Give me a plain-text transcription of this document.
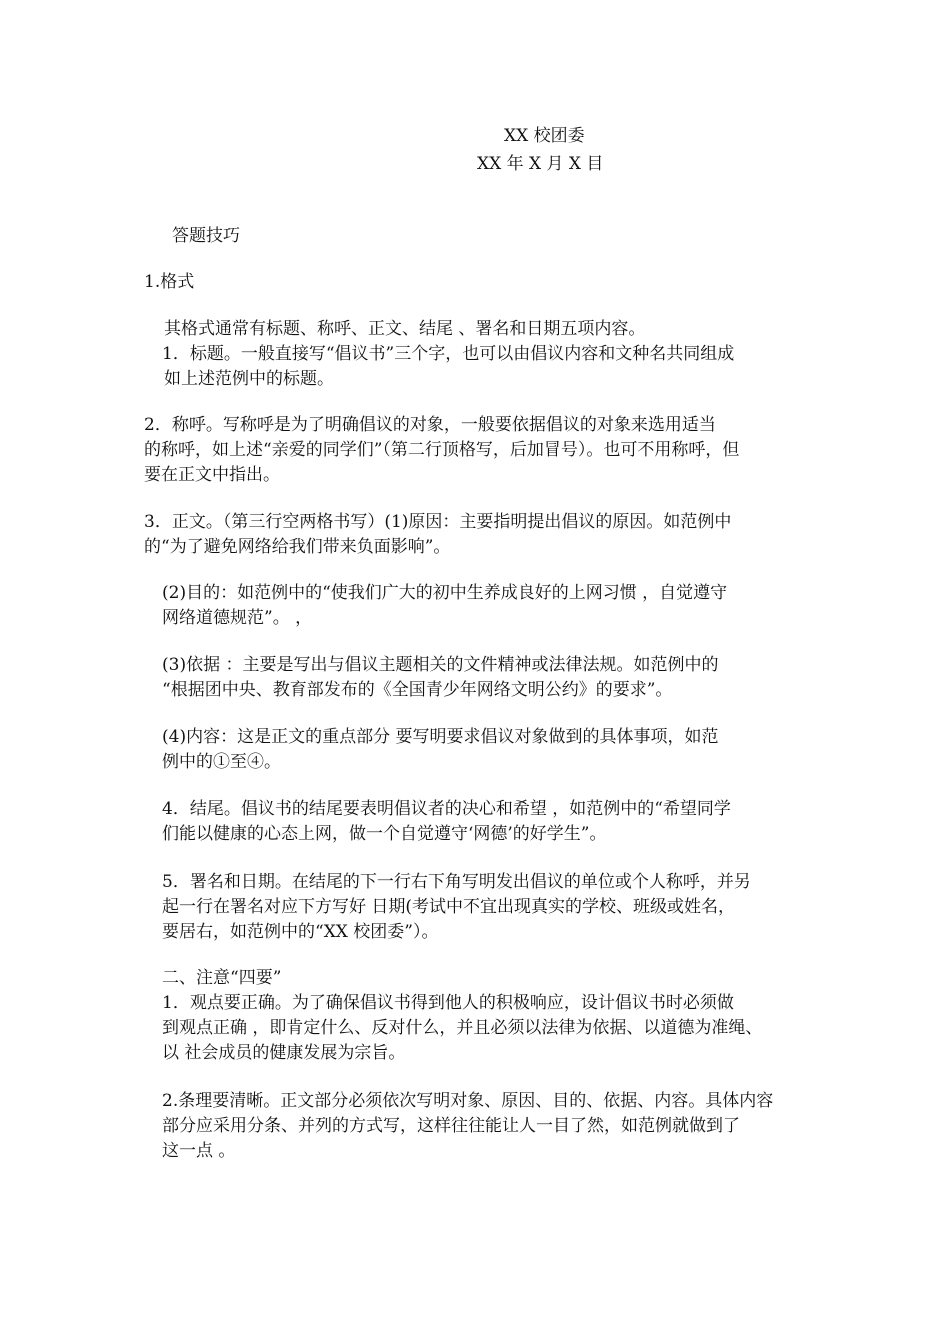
XX 校团委

XX 年 X 月 X 目

答题技巧

1.格式

其格式通常有标题、称呼、正文、结尾 、署名和日期五项内容。

1．标题。一般直接写“倡议书”三个字，也可以由倡议内容和文种名共同组成

如上述范例中的标题。

2．称呼。写称呼是为了明确倡议的对象，一般要依据倡议的对象来选用适当

的称呼，如上述“亲爱的同学们”（第二行顶格写，后加冒号）。也可不用称呼，但

要在正文中指出。

3．正文。（第三行空两格书写）(1)原因：主要指明提出倡议的原因。如范例中

的“为了避免网络给我们带来负面影响”。

(2)目的：如范例中的“使我们广大的初中生养成良好的上网习惯 ，自觉遵守

网络道德规范”。 ，

(3)依据 ：主要是写出与倡议主题相关的文件精神或法律法规。如范例中的

“根据团中央、教育部发布的《全国青少年网络文明公约》的要求”。

(4)内容：这是正文的重点部分 要写明要求倡议对象做到的具体事项，如范

例中的①至④。

4．结尾。倡议书的结尾要表明倡议者的决心和希望 ，如范例中的“希望同学

们能以健康的心态上网，做一个自觉遵守‘网德’的好学生”。

5．署名和日期。在结尾的下一行右下角写明发出倡议的单位或个人称呼，并另

起一行在署名对应下方写好 日期(考试中不宜出现真实的学校、班级或姓名，

要居右，如范例中的“XX 校团委”）。

二、注意“四要”

1．观点要正确。为了确保倡议书得到他人的积极响应，设计倡议书时必须做

到观点正确 ，即肯定什么、反对什么，并且必须以法律为依据、以道德为准绳、

以 社会成员的健康发展为宗旨。

2.条理要清晰。正文部分必须依次写明对象、原因、目的、依据、内容。具体内容

部分应采用分条、并列的方式写，这样往往能让人一目了然，如范例就做到了

这一点 。
